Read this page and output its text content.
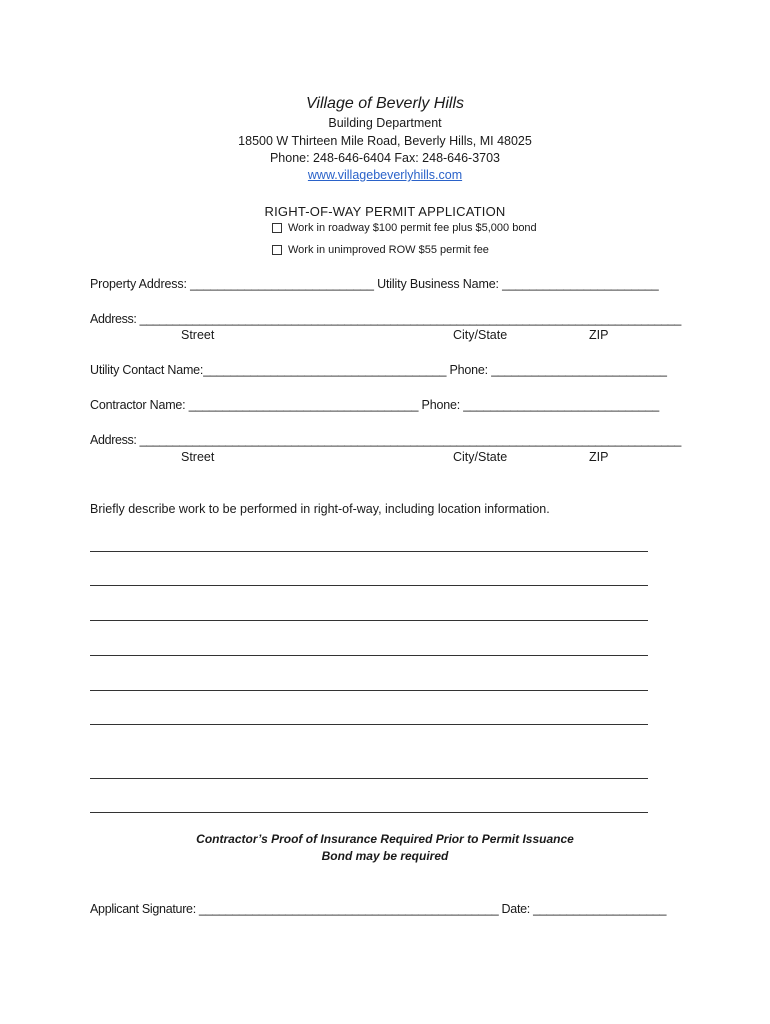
Village of Beverly Hills
Building Department
18500 W Thirteen Mile Road, Beverly Hills, MI 48025
Phone: 248-646-6404 Fax: 248-646-3703
www.villagebeverlyhills.com
RIGHT-OF-WAY PERMIT APPLICATION
Work in roadway $100 permit fee plus $5,000 bond
Work in unimproved ROW $55 permit fee
Property Address: ___________________________ Utility Business Name: _______________________
Address: __________________________________________________________________________________
Street	City/State	ZIP
Utility Contact Name:____________________________________ Phone: __________________________
Contractor Name: __________________________________ Phone: _____________________________
Address: __________________________________________________________________________________
Street	City/State	ZIP
Briefly describe work to be performed in right-of-way, including location information.
Contractor’s Proof of Insurance Required Prior to Permit Issuance
Bond may be required
Applicant Signature: _____________________________________________ Date: ____________________
